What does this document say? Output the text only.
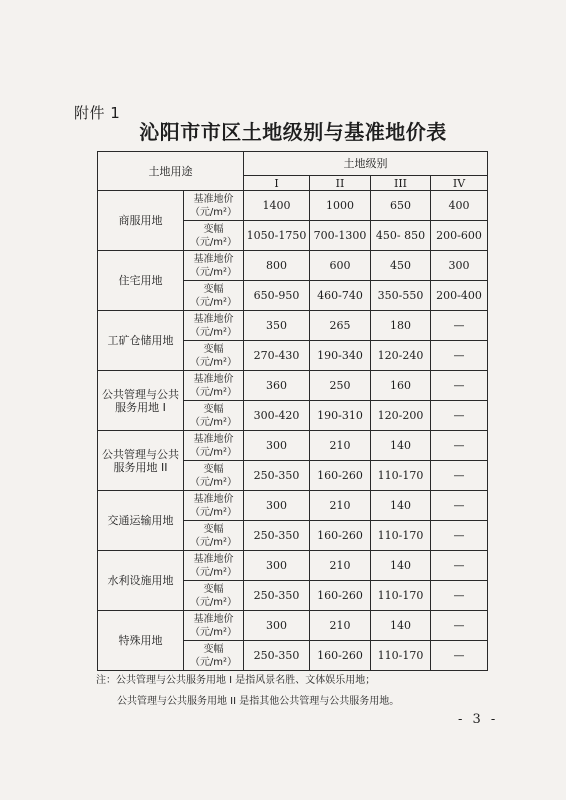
附件 1
沁阳市市区土地级别与基准地价表
土地用途		土地级别			
		I	II	III	IV
商服用地	基准地价（元/m²）	1400	1000	650	400
	变幅（元/m²）	1050-1750	700-1300	450- 850	200-600
住宅用地	基准地价（元/m²）	800	600	450	300
	变幅（元/m²）	650-950	460-740	350-550	200-400
工矿仓储用地	基准地价（元/m²）	350	265	180	—
	变幅（元/m²）	270-430	190-340	120-240	—
公共管理与公共服务用地 I	基准地价（元/m²）	360	250	160	—
	变幅（元/m²）	300-420	190-310	120-200	—
公共管理与公共服务用地 II	基准地价（元/m²）	300	210	140	—
	变幅（元/m²）	250-350	160-260	110-170	—
交通运输用地	基准地价（元/m²）	300	210	140	—
	变幅（元/m²）	250-350	160-260	110-170	—
水利设施用地	基准地价（元/m²）	300	210	140	—
	变幅（元/m²）	250-350	160-260	110-170	—
特殊用地	基准地价（元/m²）	300	210	140	—
	变幅（元/m²）	250-350	160-260	110-170	—
注：公共管理与公共服务用地 I 是指风景名胜、文体娱乐用地；
公共管理与公共服务用地 II 是指其他公共管理与公共服务用地。
- 3 -
